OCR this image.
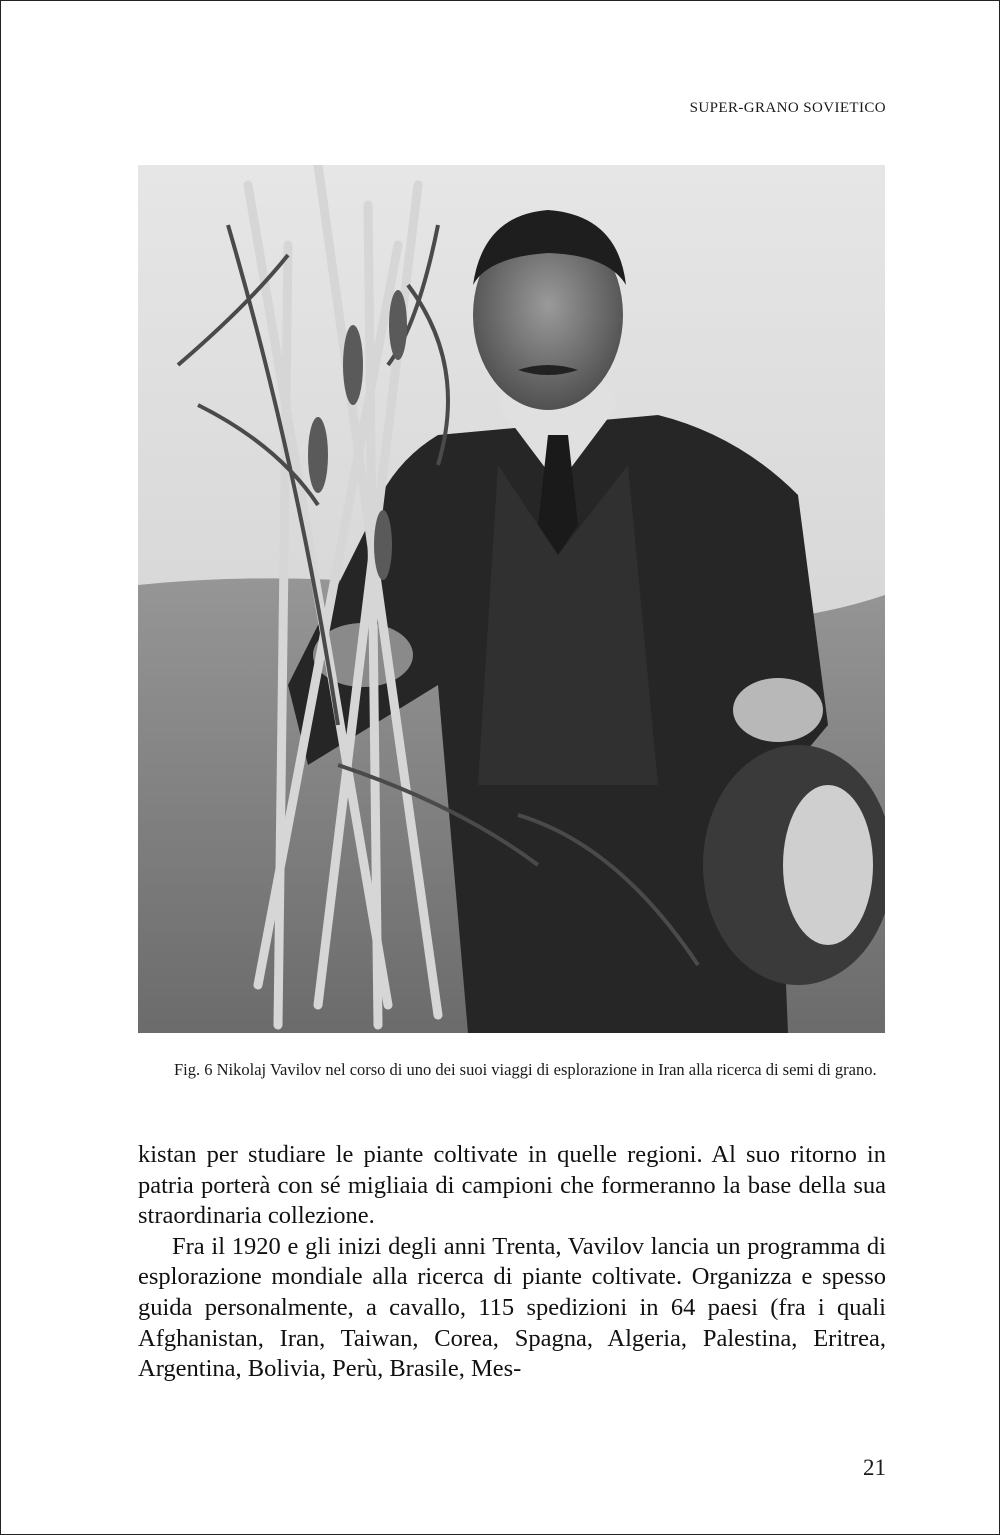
SUPER-GRANO SOVIETICO
Fig. 6 Nikolaj Vavilov nel corso di uno dei suoi viaggi di esplorazione in Iran alla ricerca di semi di grano.

kistan per studiare le piante coltivate in quelle regioni. Al suo ritorno in patria porterà con sé migliaia di campioni che formeranno la base della sua straordinaria collezione.

Fra il 1920 e gli inizi degli anni Trenta, Vavilov lancia un programma di esplorazione mondiale alla ricerca di piante coltivate. Organizza e spesso guida personalmente, a cavallo, 115 spedizioni in 64 paesi (fra i quali Afghanistan, Iran, Taiwan, Corea, Spagna, Algeria, Palestina, Eritrea, Argentina, Bolivia, Perù, Brasile, Mes-

21
